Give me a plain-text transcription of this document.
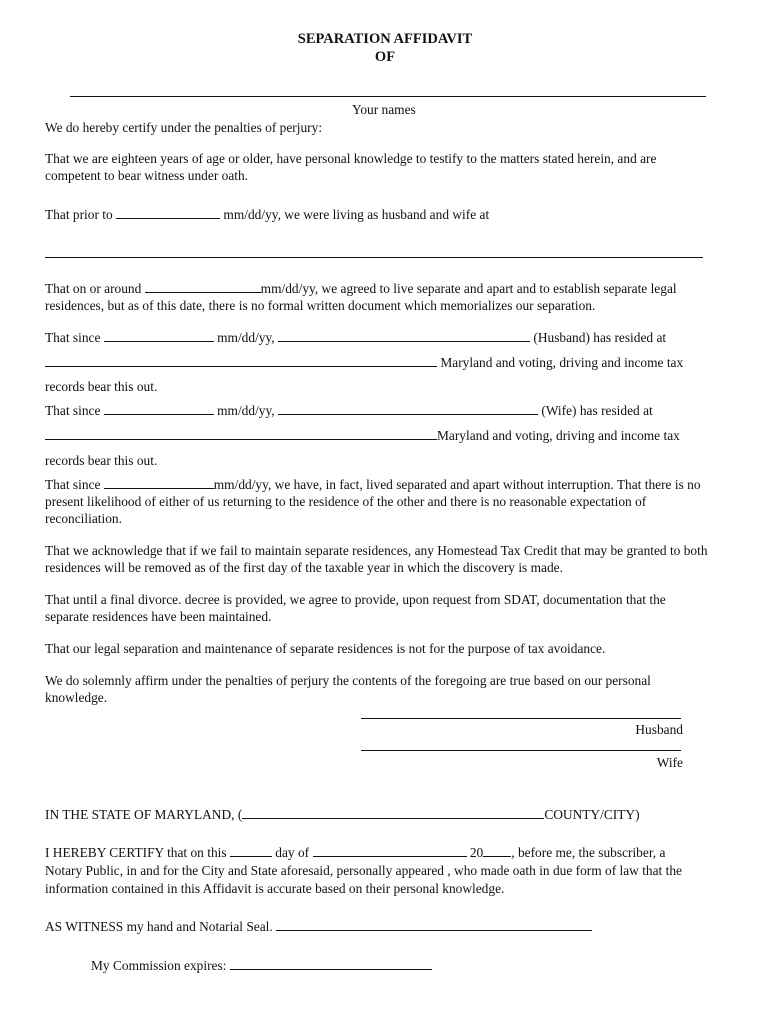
SEPARATION AFFIDAVIT
OF
Your names
We do hereby certify under the penalties of perjury:

That we are eighteen years of age or older, have personal knowledge to testify to the matters stated herein, and are competent to bear witness under oath.

That prior to	mm/dd/yy, we were living as husband and wife at
That on or around	mm/dd/yy, we agreed to live separate and apart and to establish separate legal residences, but as of this date, there is no formal written document which memorializes our separation.
That since	mm/dd/yy,	(Husband) has resided at
Maryland and voting, driving and income tax
records bear this out.
That since	mm/dd/yy,	(Wife) has resided at
Maryland and voting, driving and income tax
records bear this out.
That since	mm/dd/yy, we have, in fact, lived separated and apart without interruption. That there is no present likelihood of either of us returning to the residence of the other and there is no reasonable expectation of reconciliation.

That we acknowledge that if we fail to maintain separate residences, any Homestead Tax Credit that may be granted to both residences will be removed as of the first day of the taxable year in which the discovery is made.

That until a final divorce. decree is provided, we agree to provide, upon request from SDAT, documentation that the separate residences have been maintained.

That our legal separation and maintenance of separate residences is not for the purpose of tax avoidance.

We do solemnly affirm under the penalties of perjury the contents of the foregoing are true based on our personal knowledge.

Husband
Wife
IN THE STATE OF MARYLAND, (	COUNTY/CITY)
I HEREBY CERTIFY that on this	day of	20 , before me, the subscriber, a
Notary Public, in and for the City and State aforesaid, personally appeared , who made oath in due form of law that the
information contained in this Affidavit is accurate based on their personal knowledge.
AS WITNESS my hand and Notarial Seal.
My Commission expires:
